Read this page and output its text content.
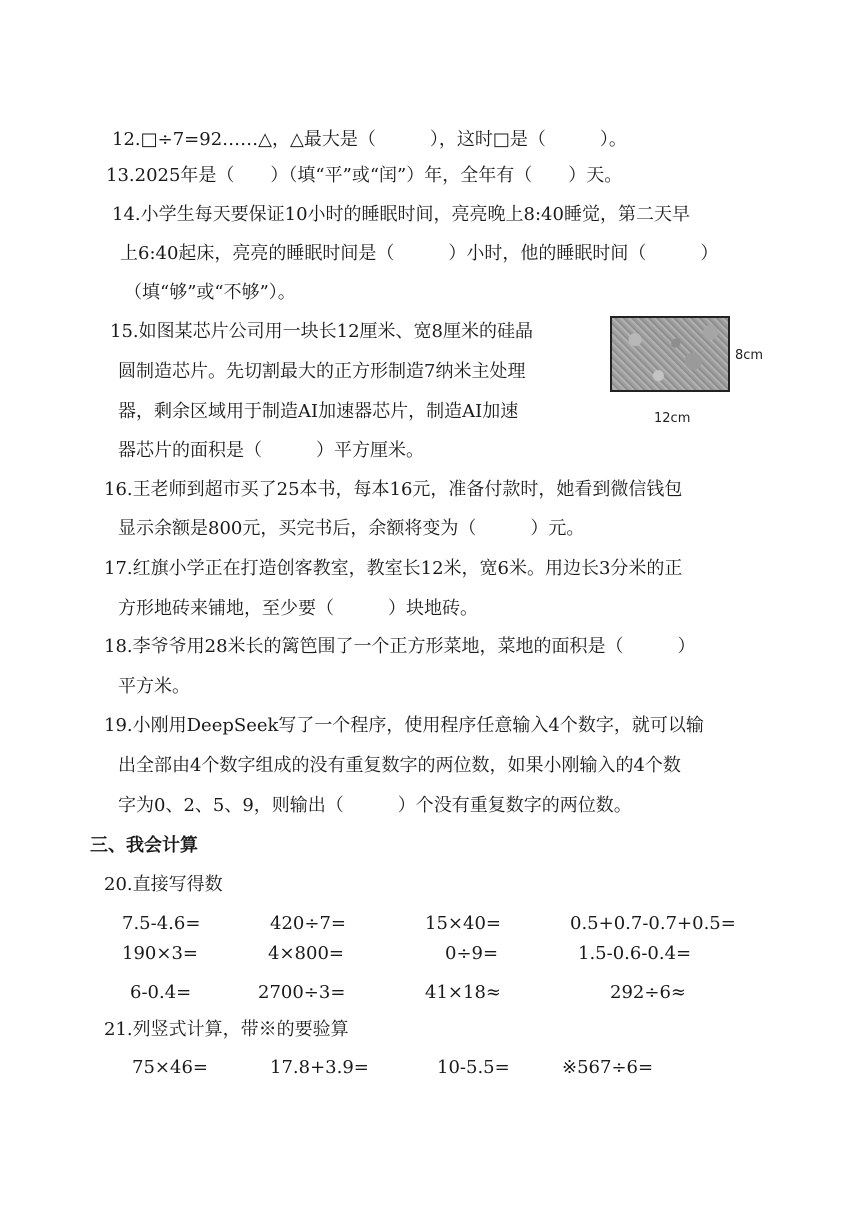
12.□÷7=92……△，△最大是（　　　），这时□是（　　　）。
13.2025年是（　　）（填“平”或“闰”）年，全年有（　　）天。
14.小学生每天要保证10小时的睡眠时间，亮亮晚上8:40睡觉，第二天早
上6:40起床，亮亮的睡眠时间是（　　　）小时，他的睡眠时间（　　　）
（填“够”或“不够”）。
15.如图某芯片公司用一块长12厘米、宽8厘米的硅晶
圆制造芯片。先切割最大的正方形制造7纳米主处理
器，剩余区域用于制造AI加速器芯片，制造AI加速
器芯片的面积是（　　　）平方厘米。
8cm
12cm
16.王老师到超市买了25本书，每本16元，准备付款时，她看到微信钱包
显示余额是800元，买完书后，余额将变为（　　　）元。
17.红旗小学正在打造创客教室，教室长12米，宽6米。用边长3分米的正
方形地砖来铺地，至少要（　　　）块地砖。
18.李爷爷用28米长的篱笆围了一个正方形菜地，菜地的面积是（　　　）
平方米。
19.小刚用DeepSeek写了一个程序，使用程序任意输入4个数字，就可以输
出全部由4个数字组成的没有重复数字的两位数，如果小刚输入的4个数
字为0、2、5、9，则输出（　　　）个没有重复数字的两位数。
三、我会计算
20.直接写得数
7.5-4.6=	420÷7=	15×40=	0.5+0.7-0.7+0.5=
190×3=	4×800=	0÷9=	1.5-0.6-0.4=
6-0.4=	2700÷3=	41×18≈	292÷6≈
21.列竖式计算，带※的要验算
75×46=	17.8+3.9=	10-5.5=	※567÷6=
